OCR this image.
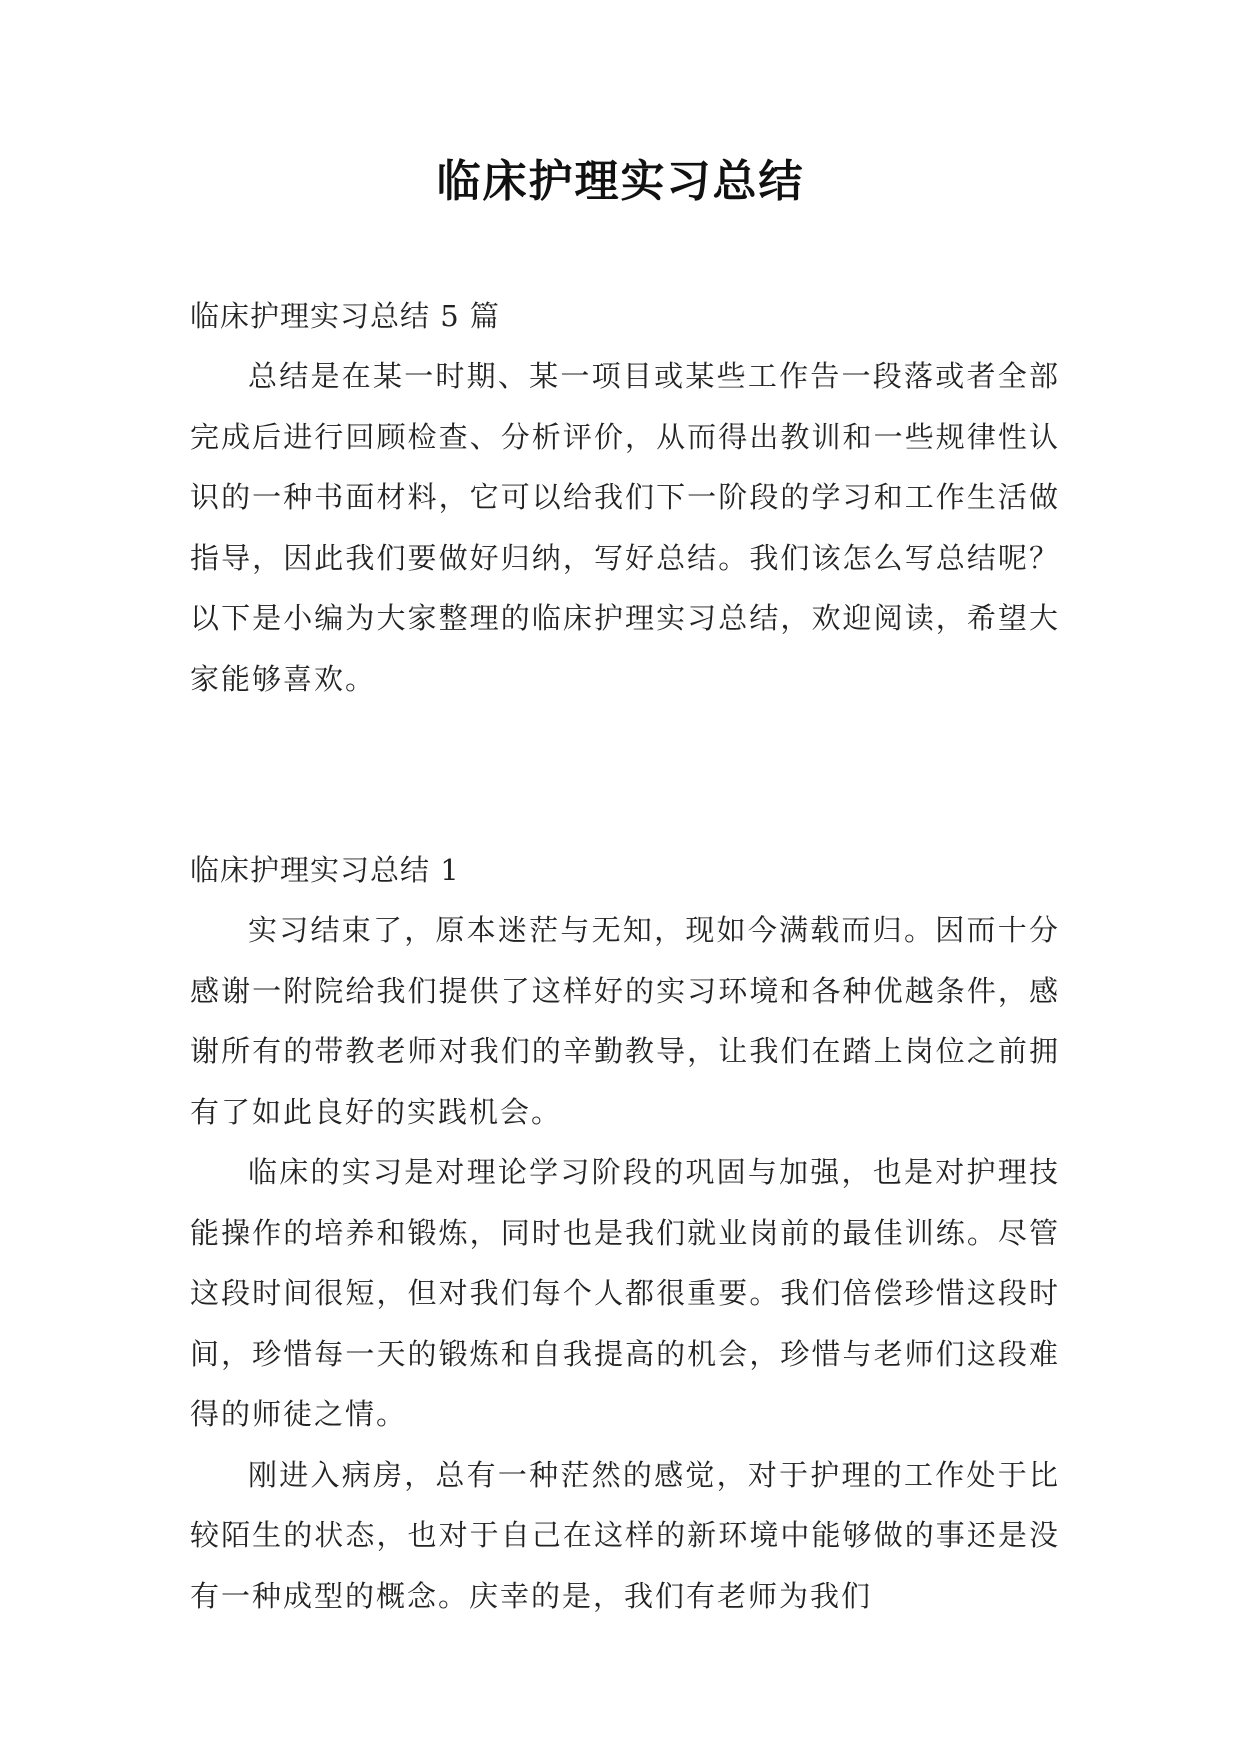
临床护理实习总结

临床护理实习总结 5 篇

总结是在某一时期、某一项目或某些工作告一段落或者全部完成后进行回顾检查、分析评价，从而得出教训和一些规律性认识的一种书面材料，它可以给我们下一阶段的学习和工作生活做指导，因此我们要做好归纳，写好总结。我们该怎么写总结呢？以下是小编为大家整理的临床护理实习总结，欢迎阅读，希望大家能够喜欢。

临床护理实习总结 1

实习结束了，原本迷茫与无知，现如今满载而归。因而十分感谢一附院给我们提供了这样好的实习环境和各种优越条件，感谢所有的带教老师对我们的辛勤教导，让我们在踏上岗位之前拥有了如此良好的实践机会。

临床的实习是对理论学习阶段的巩固与加强，也是对护理技能操作的培养和锻炼，同时也是我们就业岗前的最佳训练。尽管这段时间很短，但对我们每个人都很重要。我们倍偿珍惜这段时间，珍惜每一天的锻炼和自我提高的机会，珍惜与老师们这段难得的师徒之情。

刚进入病房，总有一种茫然的感觉，对于护理的工作处于比较陌生的状态，也对于自己在这样的新环境中能够做的事还是没有一种成型的概念。庆幸的是，我们有老师为我们
